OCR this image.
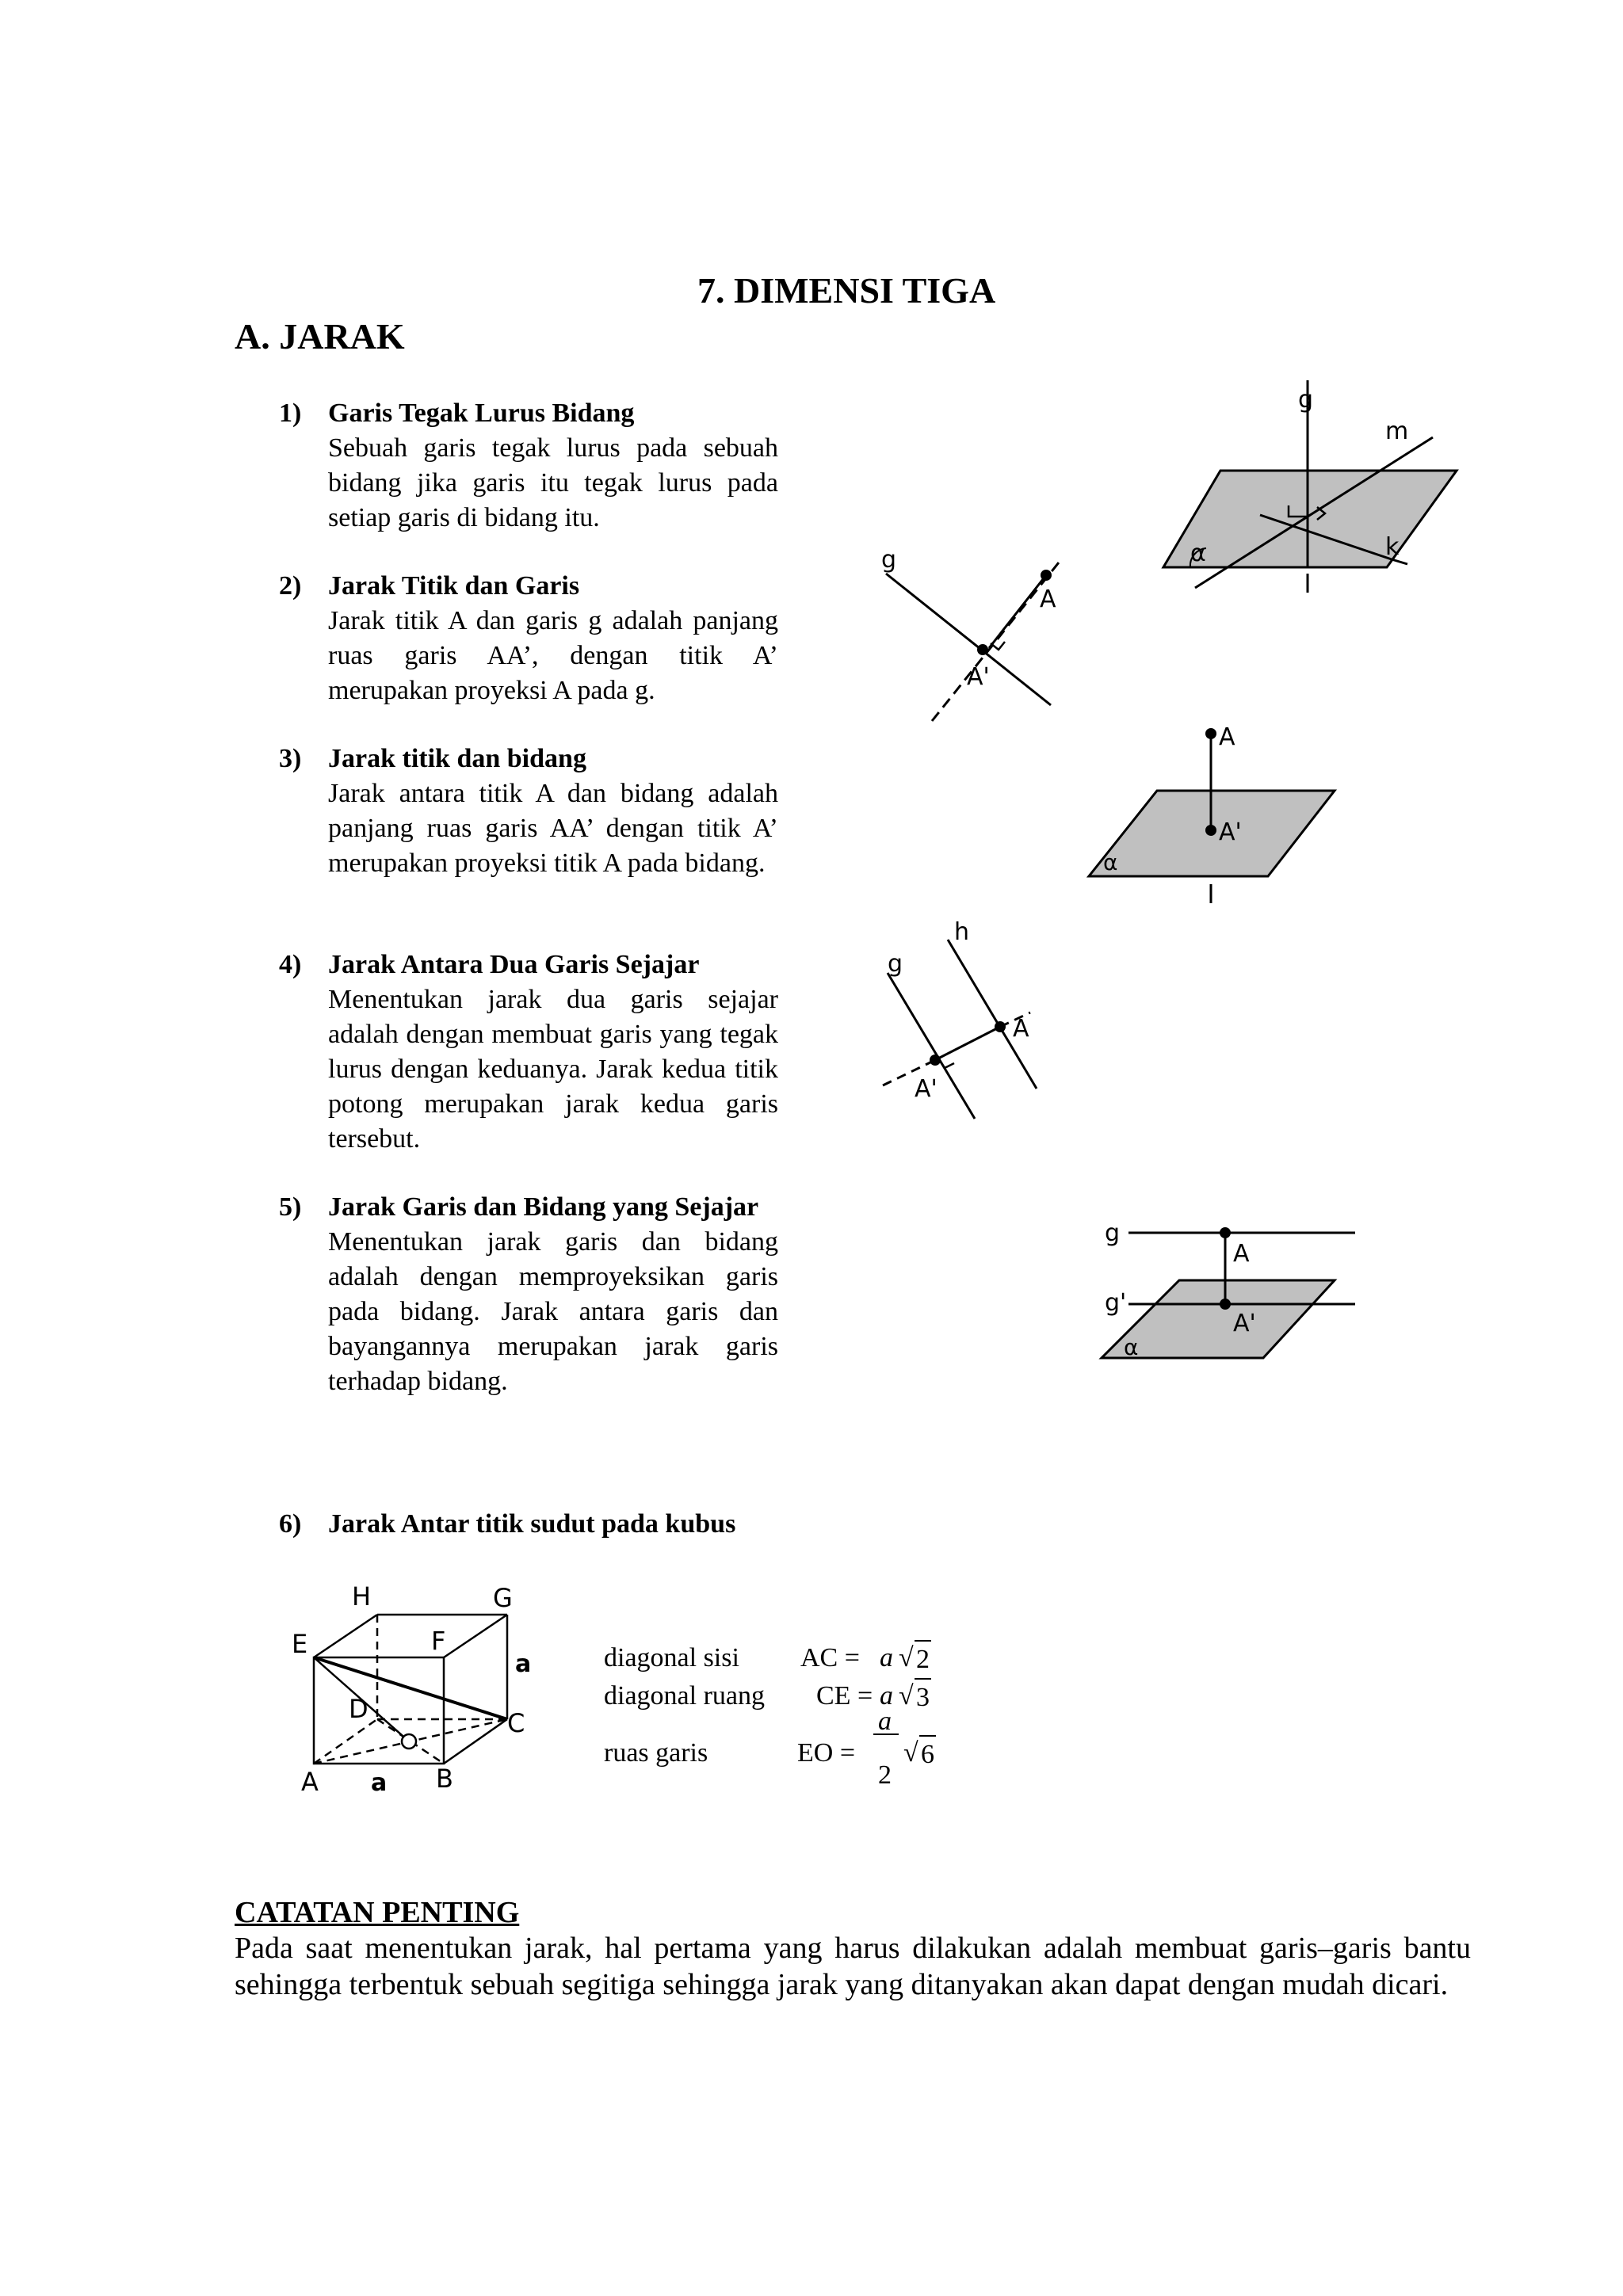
7. DIMENSI TIGA
A. JARAK
1) Garis Tegak Lurus Bidang
Sebuah garis tegak lurus pada sebuah bidang jika garis itu tegak lurus pada setiap garis di bidang itu.
2) Jarak Titik dan Garis
Jarak titik A dan garis g adalah panjang ruas garis AA’, dengan titik A’ merupakan proyeksi A pada g.
3) Jarak titik dan bidang
Jarak antara titik A dan bidang adalah panjang ruas garis AA’ dengan titik A’ merupakan proyeksi titik A pada bidang.
4) Jarak Antara Dua Garis Sejajar
Menentukan jarak dua garis sejajar adalah dengan membuat garis yang tegak lurus dengan keduanya. Jarak kedua titik potong merupakan jarak kedua garis tersebut.
5) Jarak Garis dan Bidang yang Sejajar
Menentukan jarak garis dan bidang adalah dengan memproyeksikan garis pada bidang. Jarak antara garis dan bayangannya merupakan jarak garis terhadap bidang.
6) Jarak Antar titik sudut pada kubus
g
m
k
α
g
A
A'
A
A'
α
h
g
A
A'
g
g'
A
A'
α
H	G
E	F
a
D	C
A a B
diagonal sisi AC = a √ 2
diagonal ruang CE = a √ 3
ruas garis	EO =
a
2
√ 6
CATATAN PENTING
Pada saat menentukan jarak, hal pertama yang harus dilakukan adalah membuat garis–garis bantu sehingga terbentuk sebuah segitiga sehingga jarak yang ditanyakan akan dapat dengan mudah dicari.
